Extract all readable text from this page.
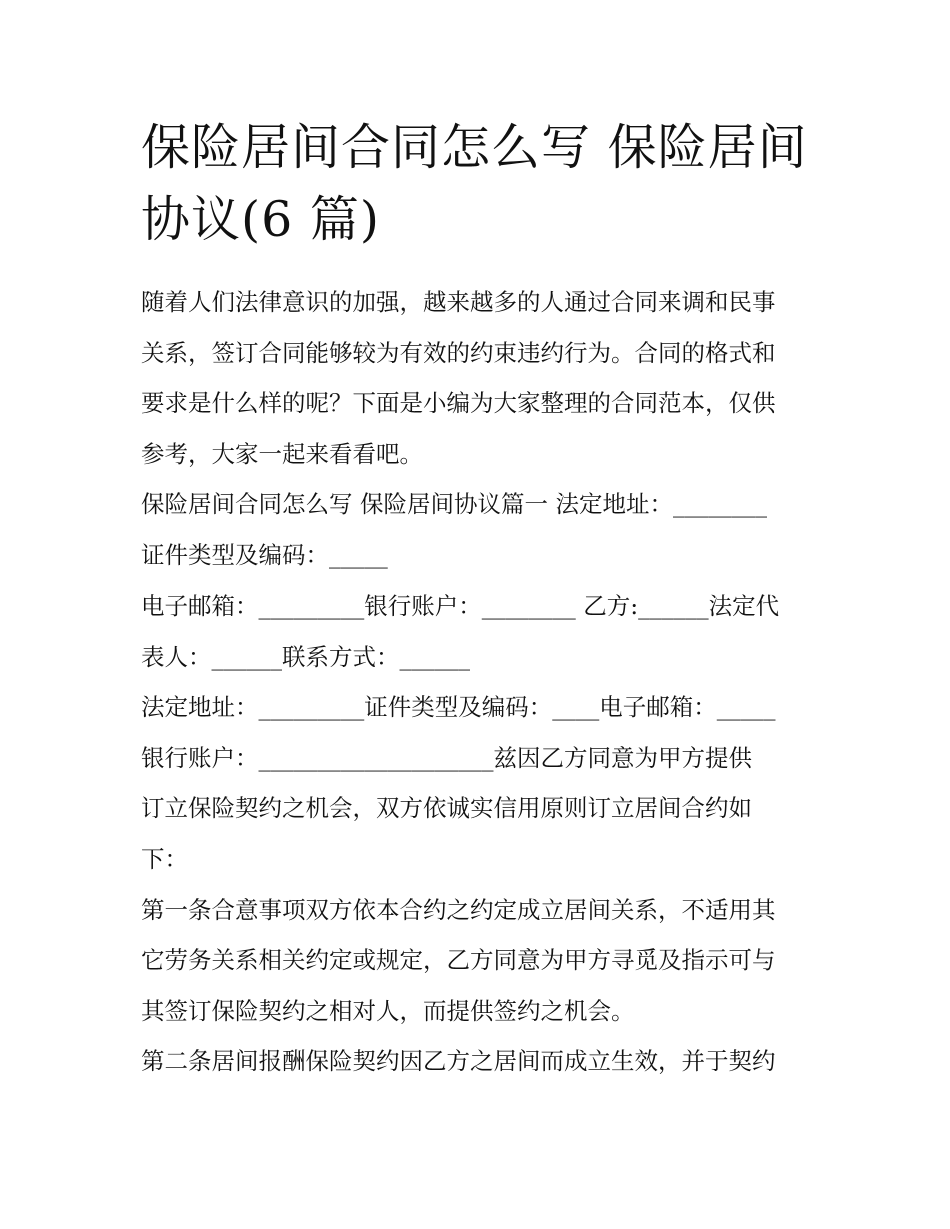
保险居间合同怎么写 保险居间
协议(6 篇)

随着人们法律意识的加强，越来越多的人通过合同来调和民事

关系，签订合同能够较为有效的约束违约行为。合同的格式和

要求是什么样的呢？下面是小编为大家整理的合同范本，仅供

参考，大家一起来看看吧。

保险居间合同怎么写 保险居间协议篇一 法定地址：________

证件类型及编码：_____

电子邮箱：_________银行账户：________ 乙方:______法定代

表人：______联系方式：______

法定地址：_________证件类型及编码：____电子邮箱：_____

银行账户：____________________兹因乙方同意为甲方提供

订立保险契约之机会，双方依诚实信用原则订立居间合约如

下：

第一条合意事项双方依本合约之约定成立居间关系，不适用其

它劳务关系相关约定或规定，乙方同意为甲方寻觅及指示可与

其签订保险契约之相对人，而提供签约之机会。

第二条居间报酬保险契约因乙方之居间而成立生效，并于契约
